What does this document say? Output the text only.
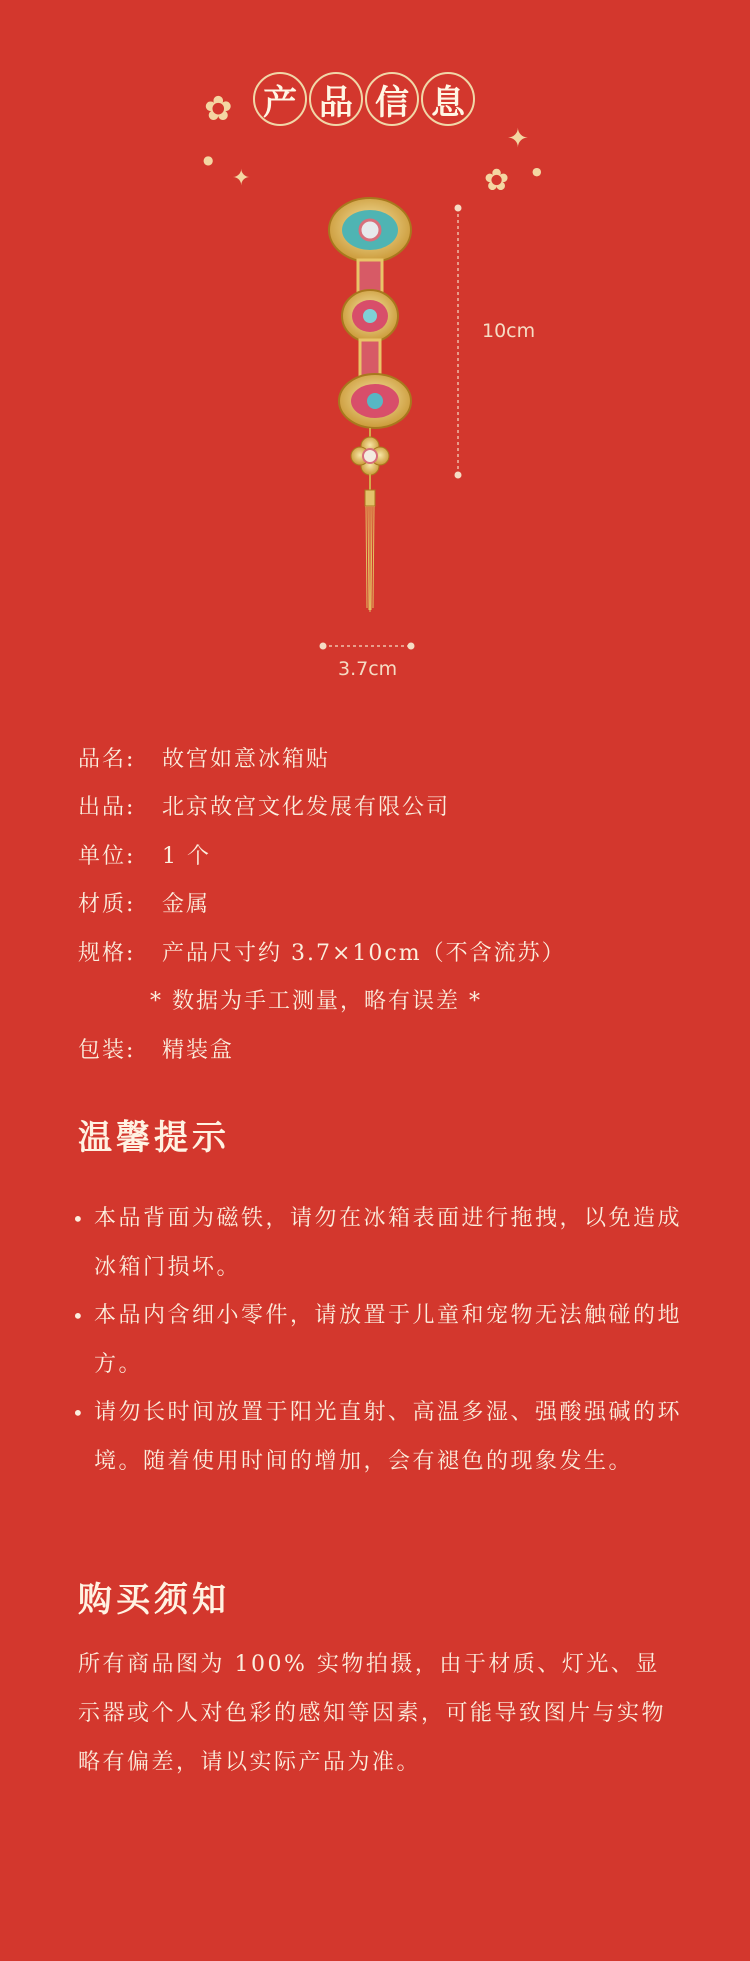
✿
✦
●
✦
✿ ●
产 品 信 息
10cm
3.7cm
品名:	故宫如意冰箱贴
出品:	北京故宫文化发展有限公司
单位:	1 个
材质:	金属
规格:	产品尺寸约 3.7×10cm（不含流苏）
* 数据为手工测量，略有误差 *
包装:	精装盒
温馨提示
• 本品背面为磁铁，请勿在冰箱表面进行拖拽，以免造成冰箱门损坏。
• 本品内含细小零件，请放置于儿童和宠物无法触碰的地方。
• 请勿长时间放置于阳光直射、高温多湿、强酸强碱的环境。随着使用时间的增加，会有褪色的现象发生。
购买须知
所有商品图为 100% 实物拍摄，由于材质、灯光、显示器或个人对色彩的感知等因素，可能导致图片与实物略有偏差，请以实际产品为准。
